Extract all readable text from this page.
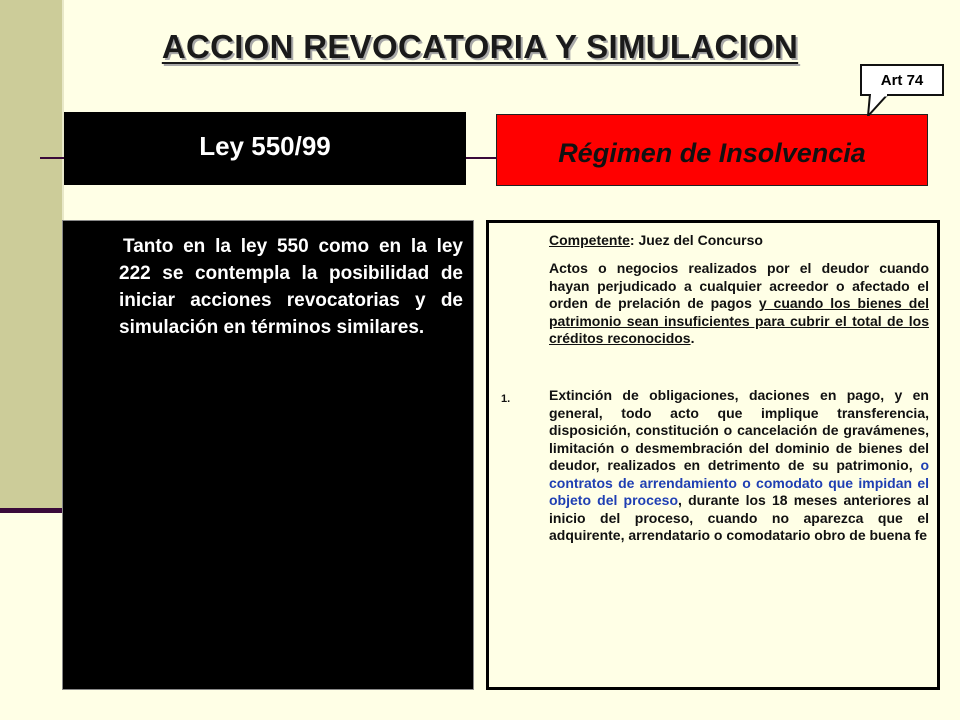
ACCION REVOCATORIA Y SIMULACION
Ley 550/99	Régimen de Insolvencia
Art 74

Tanto en la ley 550 como en la ley 222 se contempla la posibilidad de iniciar acciones revocatorias y de simulación en términos similares.

Competente: Juez del Concurso

Actos o negocios realizados por el deudor cuando hayan perjudicado a cualquier acreedor o afectado el orden de prelación de pagos y cuando los bienes del patrimonio sean insuficientes para cubrir el total de los créditos reconocidos.

1.	Extinción de obligaciones, daciones en pago, y en general, todo acto que implique transferencia, disposición, constitución o cancelación de gravámenes, limitación o desmembración del dominio de bienes del deudor, realizados en detrimento de su patrimonio, o contratos de arrendamiento o comodato que impidan el objeto del proceso, durante los 18 meses anteriores al inicio del proceso, cuando no aparezca que el adquirente, arrendatario o comodatario obro de buena fe
